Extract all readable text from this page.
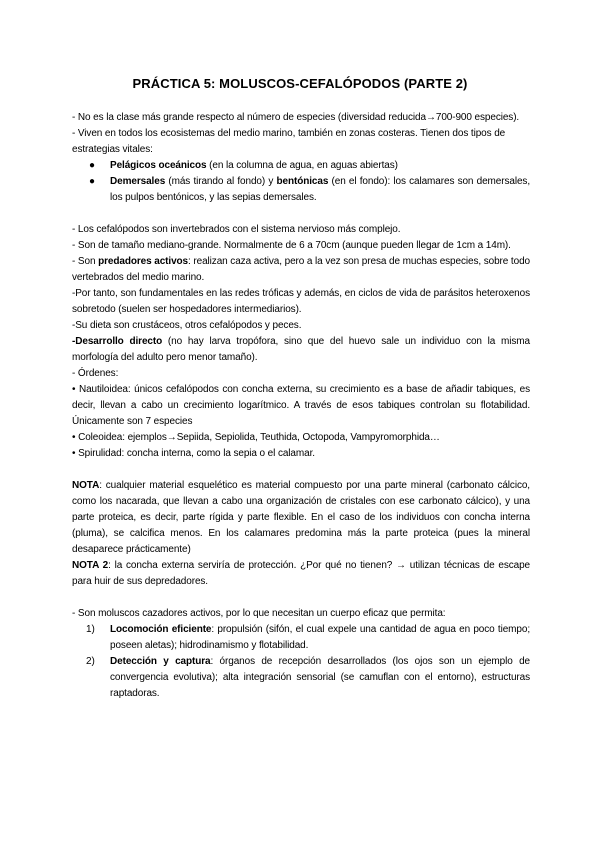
PRÁCTICA 5: MOLUSCOS-CEFALÓPODOS (PARTE 2)

- No es la clase más grande respecto al número de especies (diversidad reducida→700-900 especies).

- Viven en todos los ecosistemas del medio marino, también en zonas costeras. Tienen dos tipos de estrategias vitales:

● Pelágicos oceánicos (en la columna de agua, en aguas abiertas)

● Demersales (más tirando al fondo) y bentónicas (en el fondo): los calamares son demersales, los pulpos bentónicos, y las sepias demersales.

- Los cefalópodos son invertebrados con el sistema nervioso más complejo.

- Son de tamaño mediano-grande. Normalmente de 6 a 70cm (aunque pueden llegar de 1cm a 14m).

- Son predadores activos: realizan caza activa, pero a la vez son presa de muchas especies, sobre todo vertebrados del medio marino.

-Por tanto, son fundamentales en las redes tróficas y además, en ciclos de vida de parásitos heteroxenos sobretodo (suelen ser hospedadores intermediarios).

-Su dieta son crustáceos, otros cefalópodos y peces.

-Desarrollo directo (no hay larva tropófora, sino que del huevo sale un individuo con la misma morfología del adulto pero menor tamaño).

- Órdenes:

• Nautiloidea: únicos cefalópodos con concha externa, su crecimiento es a base de añadir tabiques, es decir, llevan a cabo un crecimiento logarítmico. A través de esos tabiques controlan su flotabilidad. Únicamente son 7 especies

• Coleoidea: ejemplos→Sepiida, Sepiolida, Teuthida, Octopoda, Vampyromorphida…

• Spirulidad: concha interna, como la sepia o el calamar.

NOTA: cualquier material esquelético es material compuesto por una parte mineral (carbonato cálcico, como los nacarada, que llevan a cabo una organización de cristales con ese carbonato cálcico), y una parte proteica, es decir, parte rígida y parte flexible. En el caso de los individuos con concha interna (pluma), se calcifica menos. En los calamares predomina más la parte proteica (pues la mineral desaparece prácticamente)

NOTA 2: la concha externa serviría de protección. ¿Por qué no tienen? → utilizan técnicas de escape para huir de sus depredadores.

- Son moluscos cazadores activos, por lo que necesitan un cuerpo eficaz que permita:

1) Locomoción eficiente: propulsión (sifón, el cual expele una cantidad de agua en poco tiempo; poseen aletas); hidrodinamismo y flotabilidad.

2) Detección y captura: órganos de recepción desarrollados (los ojos son un ejemplo de convergencia evolutiva); alta integración sensorial (se camuflan con el entorno), estructuras raptadoras.
